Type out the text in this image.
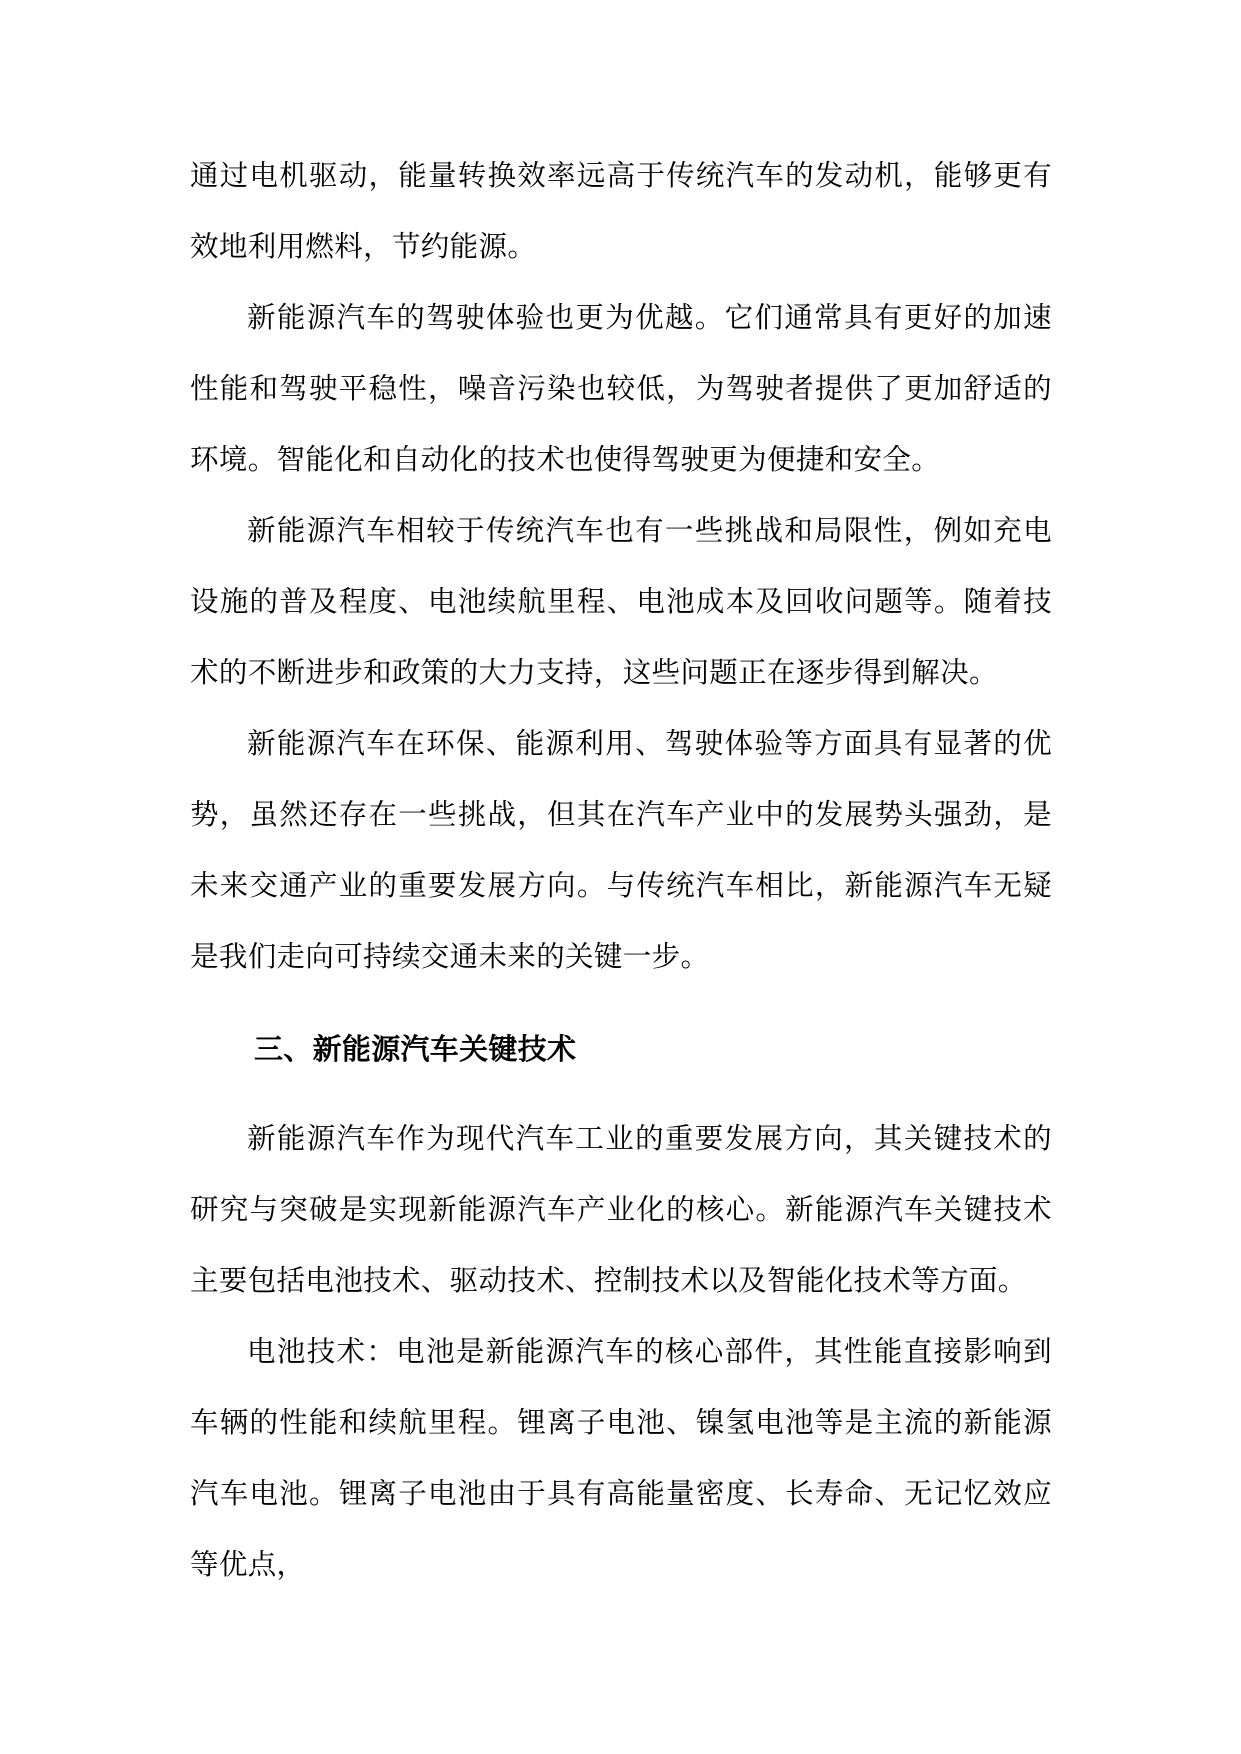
通过电机驱动，能量转换效率远高于传统汽车的发动机，能够更有效地利用燃料，节约能源。

新能源汽车的驾驶体验也更为优越。它们通常具有更好的加速性能和驾驶平稳性，噪音污染也较低，为驾驶者提供了更加舒适的环境。智能化和自动化的技术也使得驾驶更为便捷和安全。

新能源汽车相较于传统汽车也有一些挑战和局限性，例如充电设施的普及程度、电池续航里程、电池成本及回收问题等。随着技术的不断进步和政策的大力支持，这些问题正在逐步得到解决。

新能源汽车在环保、能源利用、驾驶体验等方面具有显著的优势，虽然还存在一些挑战，但其在汽车产业中的发展势头强劲，是未来交通产业的重要发展方向。与传统汽车相比，新能源汽车无疑是我们走向可持续交通未来的关键一步。

三、新能源汽车关键技术

新能源汽车作为现代汽车工业的重要发展方向，其关键技术的研究与突破是实现新能源汽车产业化的核心。新能源汽车关键技术主要包括电池技术、驱动技术、控制技术以及智能化技术等方面。

电池技术：电池是新能源汽车的核心部件，其性能直接影响到车辆的性能和续航里程。锂离子电池、镍氢电池等是主流的新能源汽车电池。锂离子电池由于具有高能量密度、长寿命、无记忆效应等优点，
